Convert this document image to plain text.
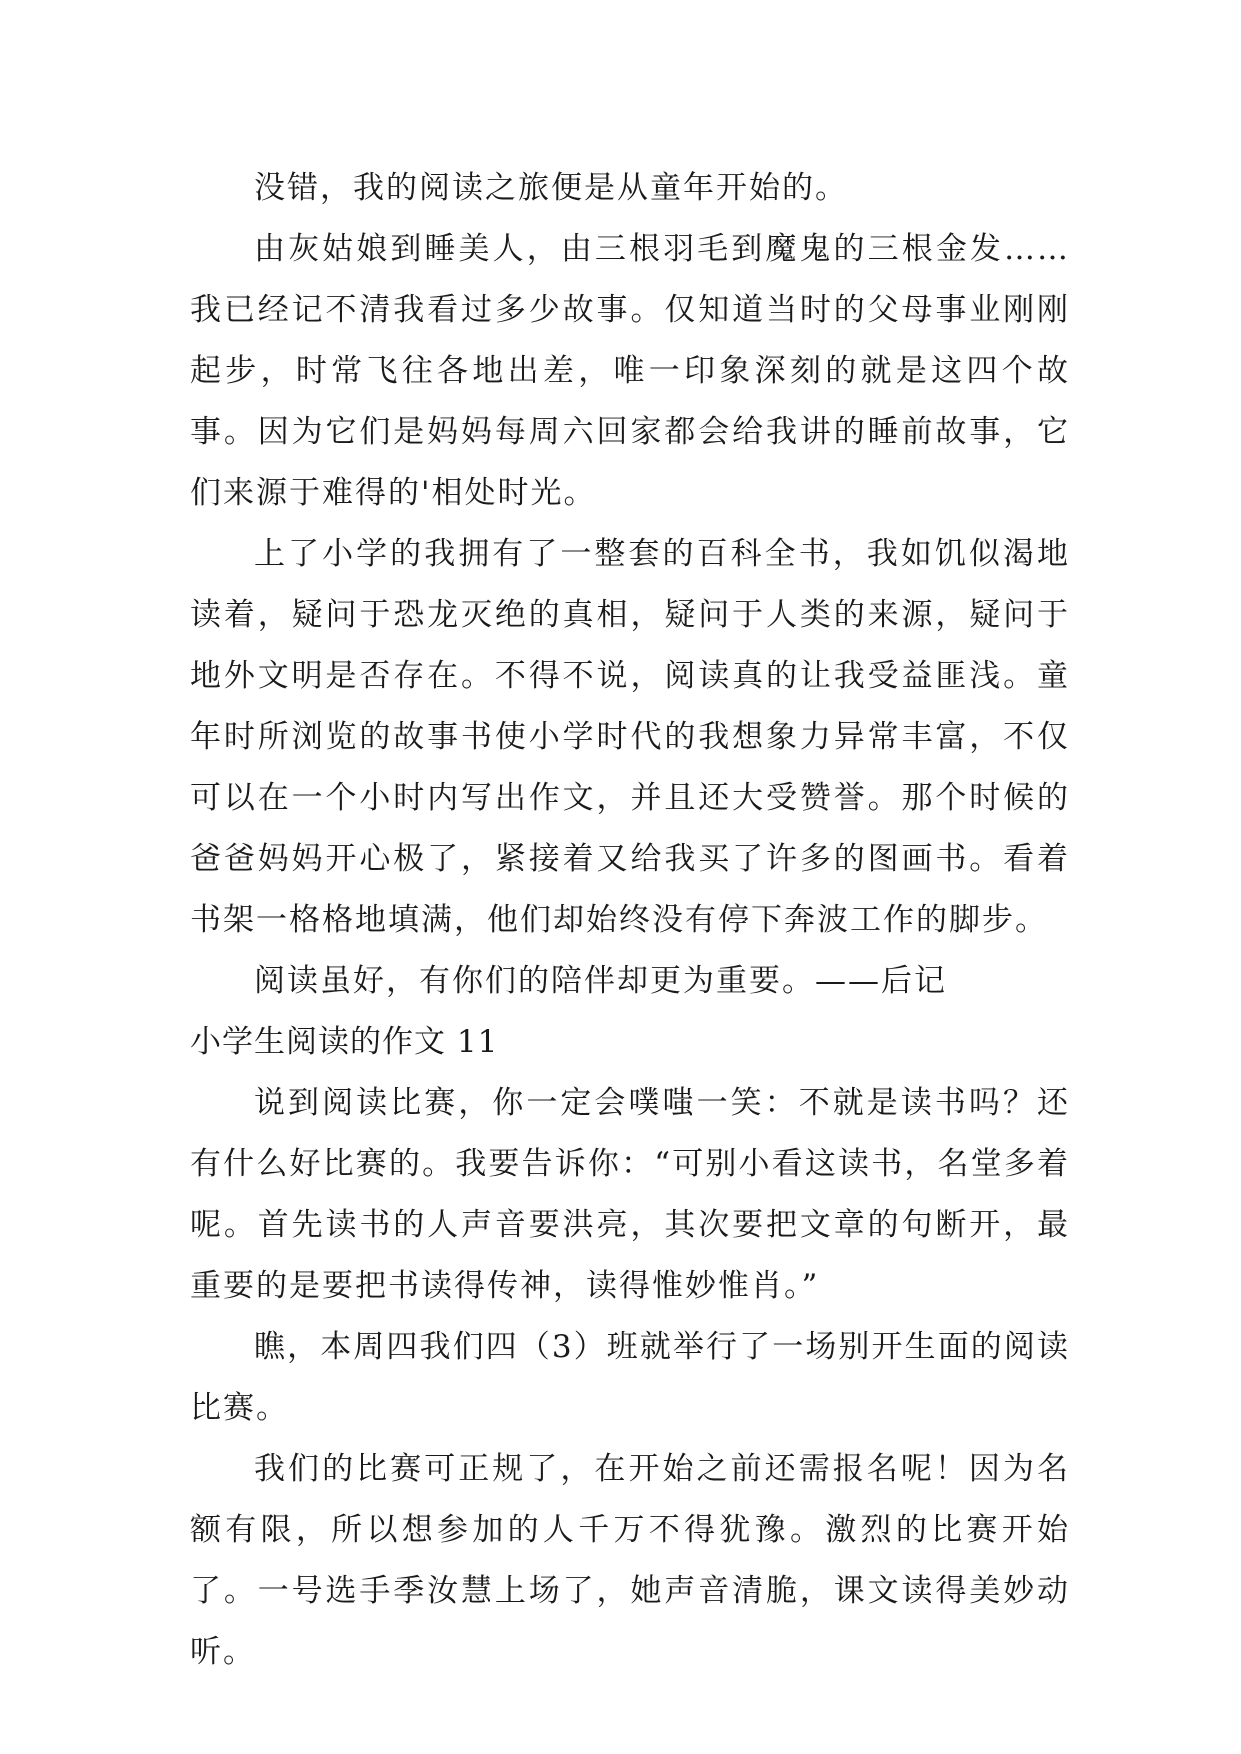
没错，我的阅读之旅便是从童年开始的。

由灰姑娘到睡美人，由三根羽毛到魔鬼的三根金发……我已经记不清我看过多少故事。仅知道当时的父母事业刚刚起步，时常飞往各地出差，唯一印象深刻的就是这四个故事。因为它们是妈妈每周六回家都会给我讲的睡前故事，它们来源于难得的'相处时光。

上了小学的我拥有了一整套的百科全书，我如饥似渴地读着，疑问于恐龙灭绝的真相，疑问于人类的来源，疑问于地外文明是否存在。不得不说，阅读真的让我受益匪浅。童年时所浏览的故事书使小学时代的我想象力异常丰富，不仅可以在一个小时内写出作文，并且还大受赞誉。那个时候的爸爸妈妈开心极了，紧接着又给我买了许多的图画书。看着书架一格格地填满，他们却始终没有停下奔波工作的脚步。

阅读虽好，有你们的陪伴却更为重要。——后记

小学生阅读的作文 11

说到阅读比赛，你一定会噗嗤一笑：不就是读书吗？还有什么好比赛的。我要告诉你：“可别小看这读书，名堂多着呢。首先读书的人声音要洪亮，其次要把文章的句断开，最重要的是要把书读得传神，读得惟妙惟肖。”

瞧，本周四我们四（3）班就举行了一场别开生面的阅读比赛。

我们的比赛可正规了，在开始之前还需报名呢！因为名额有限，所以想参加的人千万不得犹豫。激烈的比赛开始了。一号选手季汝慧上场了，她声音清脆，课文读得美妙动听。
